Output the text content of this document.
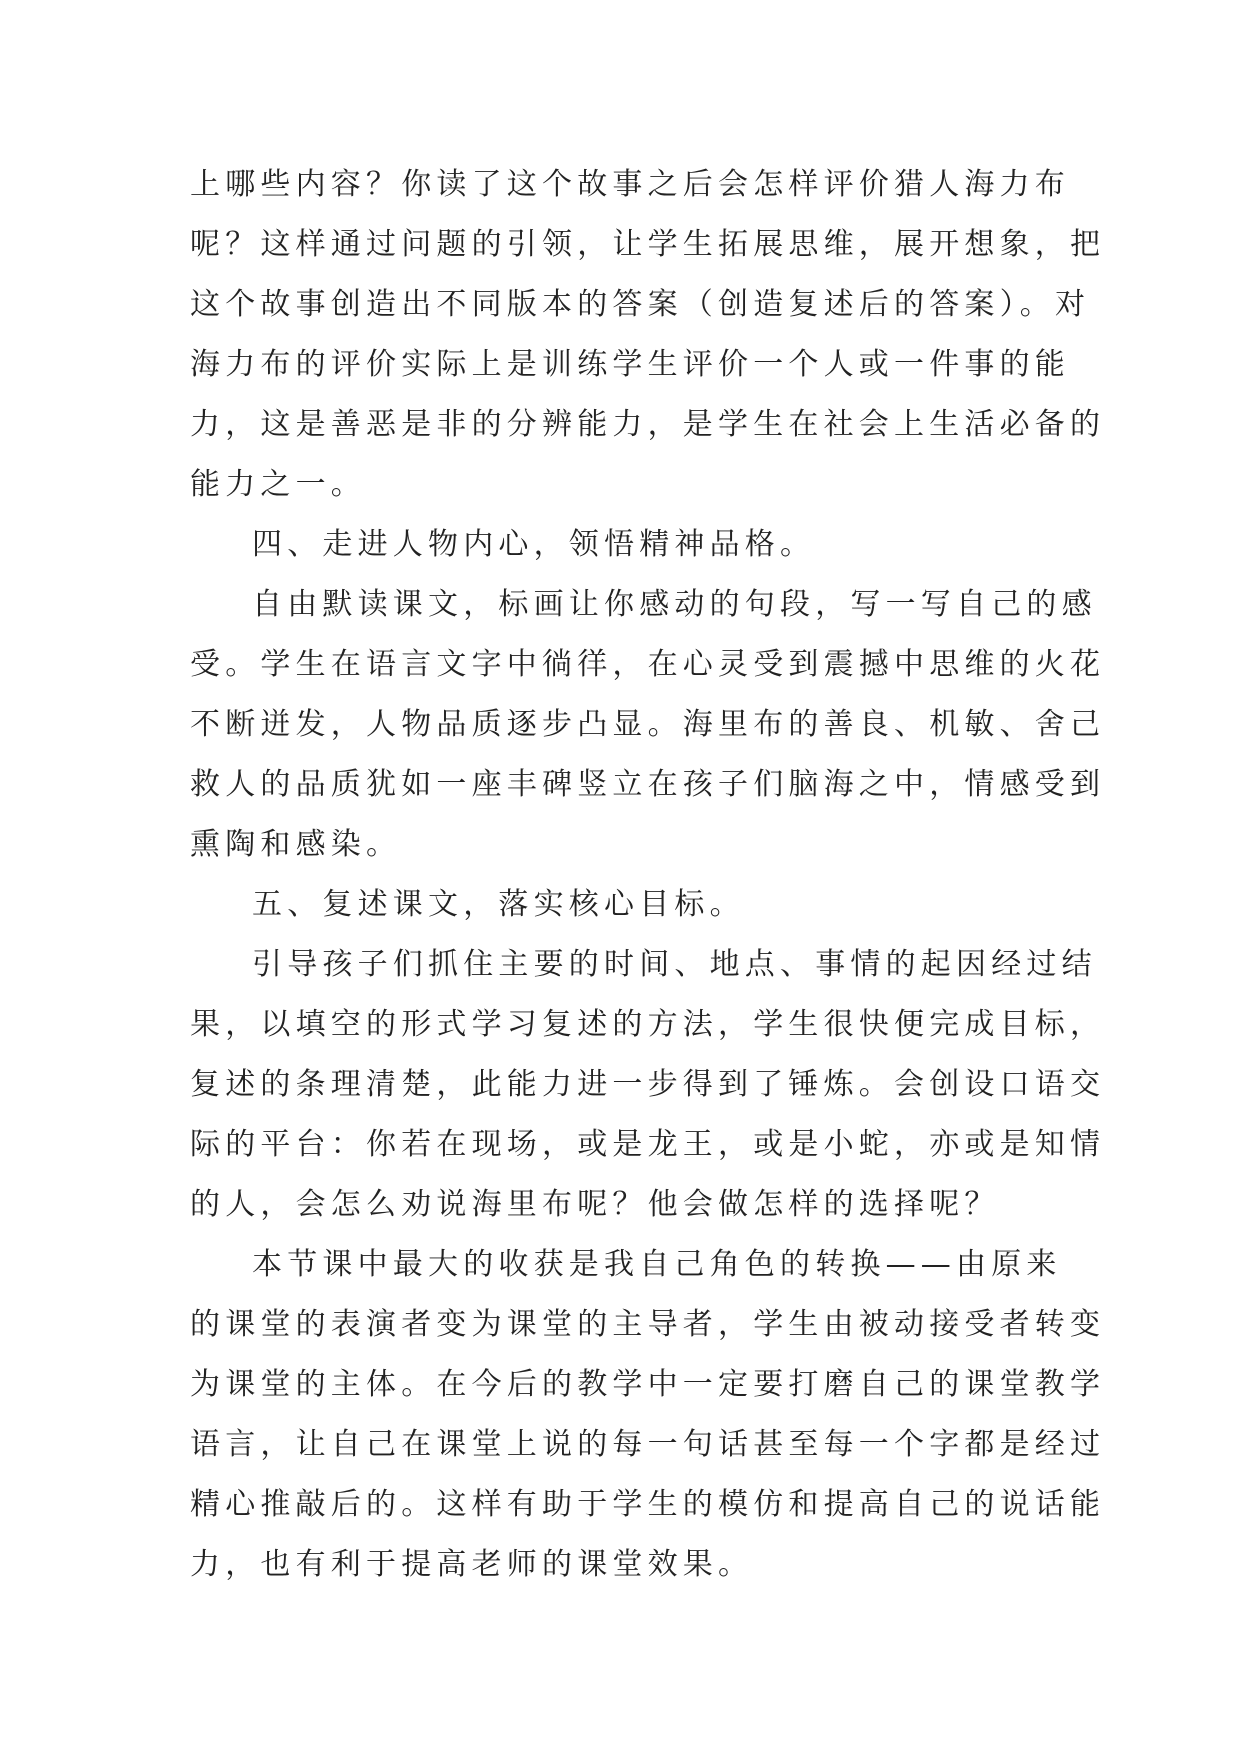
上哪些内容？你读了这个故事之后会怎样评价猎人海力布
呢？这样通过问题的引领，让学生拓展思维，展开想象，把
这个故事创造出不同版本的答案（创造复述后的答案）。对
海力布的评价实际上是训练学生评价一个人或一件事的能
力，这是善恶是非的分辨能力，是学生在社会上生活必备的
能力之一。
四、走进人物内心，领悟精神品格。
自由默读课文，标画让你感动的句段，写一写自己的感
受。学生在语言文字中徜徉，在心灵受到震撼中思维的火花
不断迸发，人物品质逐步凸显。海里布的善良、机敏、舍己
救人的品质犹如一座丰碑竖立在孩子们脑海之中，情感受到
熏陶和感染。
五、复述课文，落实核心目标。
引导孩子们抓住主要的时间、地点、事情的起因经过结
果，以填空的形式学习复述的方法，学生很快便完成目标，
复述的条理清楚，此能力进一步得到了锤炼。会创设口语交
际的平台：你若在现场，或是龙王，或是小蛇，亦或是知情
的人，会怎么劝说海里布呢？他会做怎样的选择呢？
本节课中最大的收获是我自己角色的转换——由原来
的课堂的表演者变为课堂的主导者，学生由被动接受者转变
为课堂的主体。在今后的教学中一定要打磨自己的课堂教学
语言，让自己在课堂上说的每一句话甚至每一个字都是经过
精心推敲后的。这样有助于学生的模仿和提高自己的说话能
力，也有利于提高老师的课堂效果。
